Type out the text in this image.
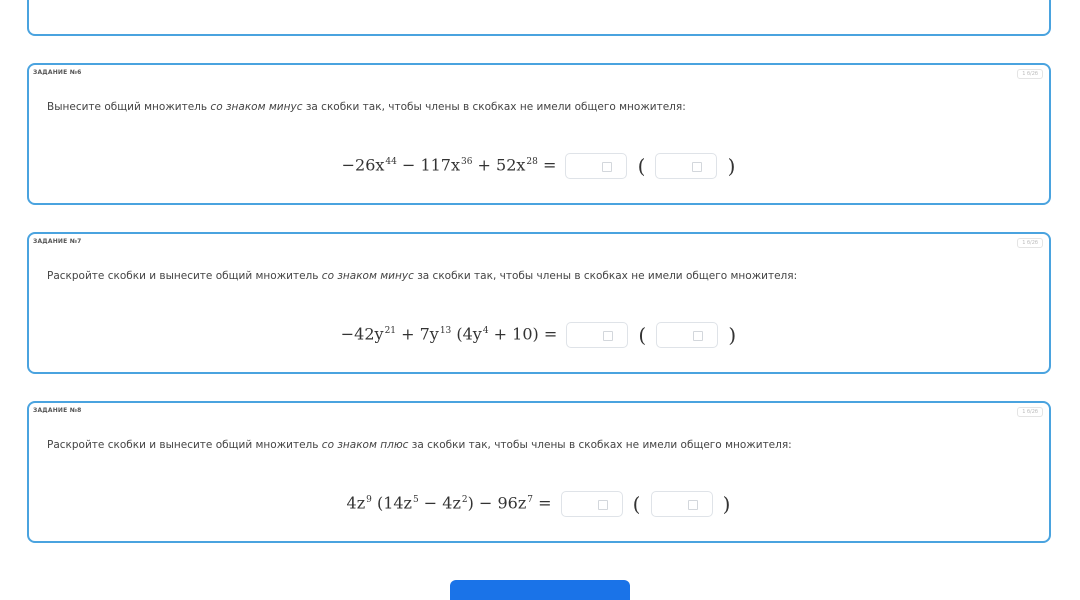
ЗАДАНИЕ №6	1 б/2б
Вынесите общий множитель со знаком минус за скобки так, чтобы члены в скобках не имели общего множителя:
$-26x^{44} - 117x^{36} + 52x^{28}$ =	(	)
ЗАДАНИЕ №7	1 б/2б
Раскройте скобки и вынесите общий множитель со знаком минус за скобки так, чтобы члены в скобках не имели общего множителя:
$-42y^{21} + 7y^{13}$ $(4y^4 + 10)$ =	(	)
ЗАДАНИЕ №8	1 б/2б
Раскройте скобки и вынесите общий множитель со знаком плюс за скобки так, чтобы члены в скобках не имели общего множителя:
$4z^9$ $(14z^5 - 4z^2) - 96z^7$ =	(	)
